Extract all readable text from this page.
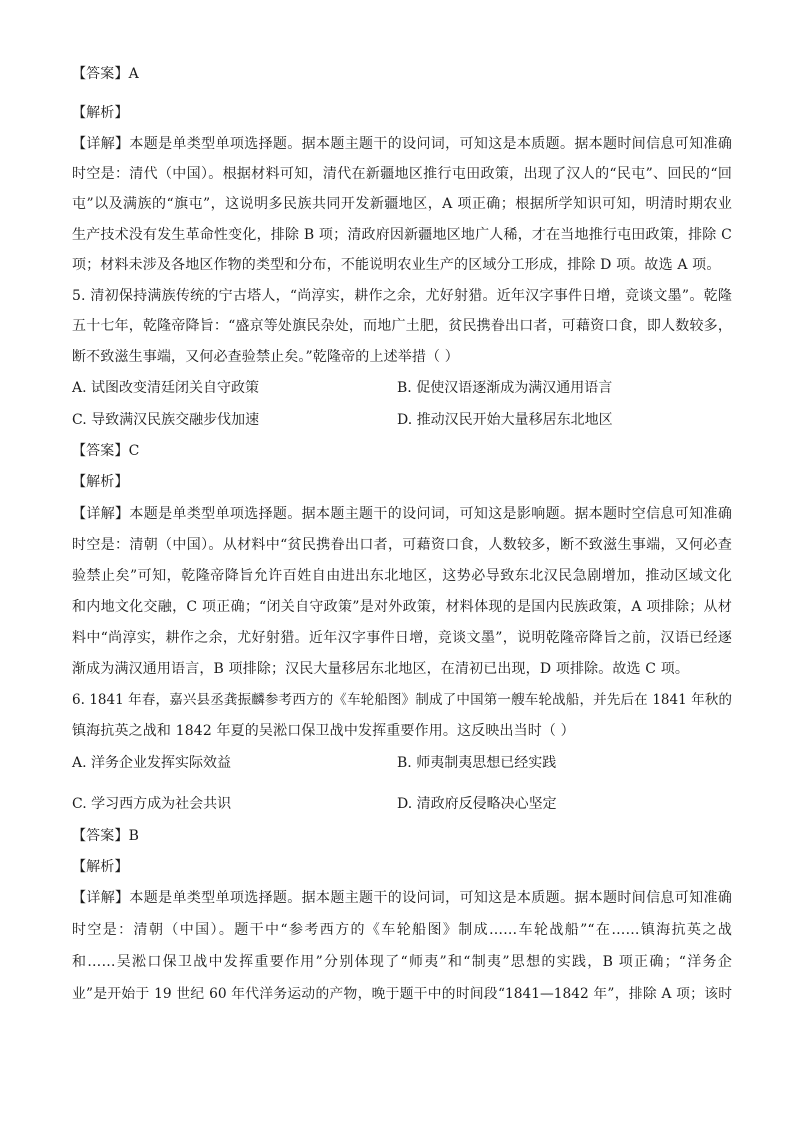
【答案】A
【解析】
【详解】本题是单类型单项选择题。据本题主题干的设问词，可知这是本质题。据本题时间信息可知准确
时空是：清代（中国）。根据材料可知，清代在新疆地区推行屯田政策，出现了汉人的“民屯”、回民的“回
屯”以及满族的“旗屯”，这说明多民族共同开发新疆地区，A 项正确；根据所学知识可知，明清时期农业
生产技术没有发生革命性变化，排除 B 项；清政府因新疆地区地广人稀，才在当地推行屯田政策，排除 C
项；材料未涉及各地区作物的类型和分布，不能说明农业生产的区域分工形成，排除 D 项。故选 A 项。
5. 清初保持满族传统的宁古塔人，“尚淳实，耕作之余，尤好射猎。近年汉字事件日增，竞谈文墨”。乾隆
五十七年，乾隆帝降旨：“盛京等处旗民杂处，而地广土肥，贫民携眷出口者，可藉资口食，即人数较多，
断不致滋生事端，又何必查验禁止矣。”乾隆帝的上述举措（ ）
A. 试图改变清廷闭关自守政策	B. 促使汉语逐渐成为满汉通用语言
C. 导致满汉民族交融步伐加速	D. 推动汉民开始大量移居东北地区
【答案】C
【解析】
【详解】本题是单类型单项选择题。据本题主题干的设问词，可知这是影响题。据本题时空信息可知准确
时空是：清朝（中国）。从材料中“贫民携眷出口者，可藉资口食，人数较多，断不致滋生事端，又何必查
验禁止矣”可知，乾隆帝降旨允许百姓自由进出东北地区，这势必导致东北汉民急剧增加，推动区域文化
和内地文化交融，C 项正确；“闭关自守政策”是对外政策，材料体现的是国内民族政策，A 项排除；从材
料中“尚淳实，耕作之余，尤好射猎。近年汉字事件日增，竞谈文墨”，说明乾隆帝降旨之前，汉语已经逐
渐成为满汉通用语言，B 项排除；汉民大量移居东北地区，在清初已出现，D 项排除。故选 C 项。
6. 1841 年春，嘉兴县丞龚振麟参考西方的《车轮船图》制成了中国第一艘车轮战船，并先后在 1841 年秋的
镇海抗英之战和 1842 年夏的吴淞口保卫战中发挥重要作用。这反映出当时（ ）
A. 洋务企业发挥实际效益	B. 师夷制夷思想已经实践
C. 学习西方成为社会共识	D. 清政府反侵略决心坚定
【答案】B
【解析】
【详解】本题是单类型单项选择题。据本题主题干的设问词，可知这是本质题。据本题时间信息可知准确
时空是：清朝（中国）。题干中“参考西方的《车轮船图》制成……车轮战船”“在……镇海抗英之战
和……吴淞口保卫战中发挥重要作用”分别体现了“师夷”和“制夷”思想的实践，B 项正确；“洋务企
业”是开始于 19 世纪 60 年代洋务运动的产物，晚于题干中的时间段“1841—1842 年”，排除 A 项；该时
